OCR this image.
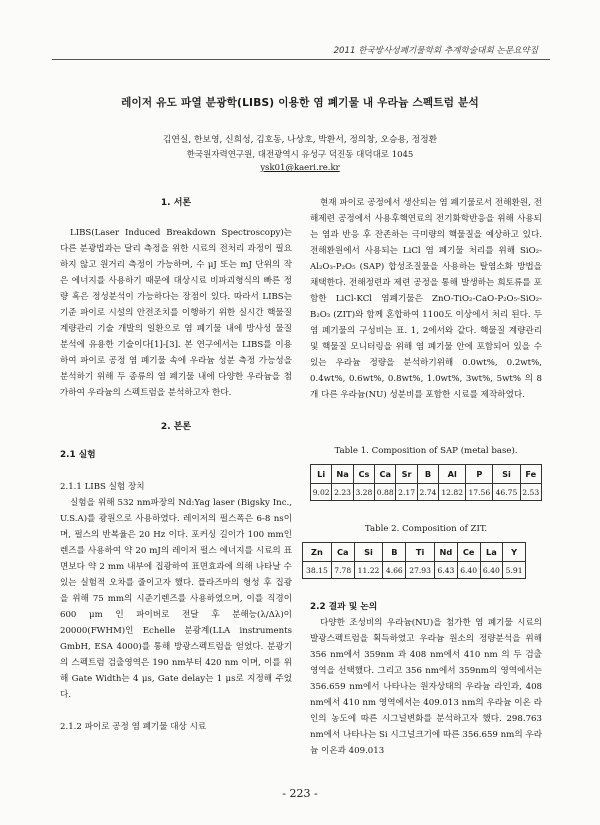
2011 한국방사성폐기물학회 추계학술대회 논문요약집
레이저 유도 파열 분광학(LIBS) 이용한 염 폐기물 내 우라늄 스펙트럼 분석
김연실, 한보영, 신희성, 김호동, 나상호, 박환서, 정의창, 오승용, 정정환
한국원자력연구원, 대전광역시 유성구 덕진동 대덕대로 1045
ysk01@kaeri.re.kr
1. 서론
LIBS(Laser Induced Breakdown Spectroscopy)는 다른 분광법과는 달리 측정을 위한 시료의 전처리 과정이 필요하지 않고 원거리 측정이 가능하며, 수 μJ 또는 mJ 단위의 작은 에너지를 사용하기 때문에 대상시료 비파괴형식의 빠른 정량 혹은 정성분석이 가능하다는 장점이 있다. 따라서 LIBS는 기준 파이로 시설의 안전조치를 이행하기 위한 실시간 핵물질 계량관리 기술 개발의 일환으로 염 폐기물 내에 방사성 물질 분석에 유용한 기술이다[1]-[3]. 본 연구에서는 LIBS를 이용하여 파이로 공정 염 폐기물 속에 우라늄 성분 측정 가능성을 분석하기 위해 두 종류의 염 폐기물 내에 다양한 우라늄을 첨가하여 우라늄의 스펙트럼을 분석하고자 한다.
2. 본론
2.1 실험
2.1.1 LIBS 실험 장치
실험을 위해 532 nm파장의 Nd:Yag laser (Bigsky Inc., U.S.A)를 광원으로 사용하였다. 레이저의 펄스폭은 6-8 ns이며, 펄스의 반복율은 20 Hz 이다. 포커싱 길이가 100 mm인 렌즈를 사용하여 약 20 mJ의 레이저 펄스 에너지를 시료의 표면보다 약 2 mm 내부에 집광하여 표면효과에 의해 나타날 수 있는 실험적 오차를 줄이고자 했다. 플라즈마의 형성 후 집광을 위해 75 mm의 시준기렌즈를 사용하였으며, 이를 직경이 600 μm 인 파이버로 전달 후 분해능(λ/Δλ)이 20000(FWHM)인 Echelle 분광계(LLA instruments GmbH, ESA 4000)를 통해 방광스펙트럼을 얻었다. 분광기의 스펙트럼 검출영역은 190 nm부터 420 nm 이며, 이를 위해 Gate Width는 4 μs, Gate delay는 1 μs로 지정해 주었다.
2.1.2 파이로 공정 염 폐기물 대상 시료
현재 파이로 공정에서 생산되는 염 폐기물로서 전해환원, 전해제련 공정에서 사용후핵연료의 전기화학반응을 위해 사용되는 염과 반응 후 잔존하는 극미량의 핵물질을 예상하고 있다. 전해환원에서 사용되는 LiCl 염 폐기물 처리를 위해 SiO₂-Al₂O₃-P₂O₅ (SAP) 합성조질물을 사용하는 탈염소화 방법을 채택한다. 전해정련과 제련 공정을 통해 발생하는 희토류를 포함한 LiCl-KCl 염폐기물은 ZnO-TiO₂-CaO-P₂O₅-SiO₂-B₂O₃ (ZIT)와 함께 혼합하여 1100도 이상에서 처리 된다. 두 염 폐기물의 구성비는 표. 1, 2에서와 같다. 핵물질 계량관리 및 핵물질 모니터링을 위해 염 폐기물 안에 포함되어 있을 수 있는 우라늄 정량을 분석하기위해 0.0wt%, 0.2wt%, 0.4wt%, 0.6wt%, 0.8wt%, 1.0wt%, 3wt%, 5wt% 의 8개 다른 우라늄(NU) 성분비를 포함한 시료를 제작하였다.
Table 1. Composition of SAP (metal base).
Li	Na	Cs	Ca	Sr	B	Al	P	Si	Fe
9.02	2.23	3.28	0.88	2.17	2.74	12.82	17.56	46.75	2.53
Table 2. Composition of ZIT.
Zn	Ca	Si	B	Ti	Nd	Ce	La	Y
38.15	7.78	11.22	4.66	27.93	6.43	6.40	6.40	5.91
2.2 결과 및 논의
다양한 조성비의 우라늄(NU)을 첨가한 염 폐기물 시료의 발광스펙트럼을 획득하였고 우라늄 원소의 정량분석을 위해 356 nm에서 359nm 과 408 nm에서 410 nm 의 두 검출 영역을 선택했다. 그리고 356 nm에서 359nm의 영역에서는 356.659 nm에서 나타나는 원자상태의 우라늄 라인과, 408 nm에서 410 nm 영역에서는 409.013 nm의 우라늄 이온 라인의 농도에 따른 시그널변화를 분석하고자 했다. 298.763 nm에서 나타나는 Si 시그널크기에 따른 356.659 nm의 우라늄 이온과 409.013
- 223 -
